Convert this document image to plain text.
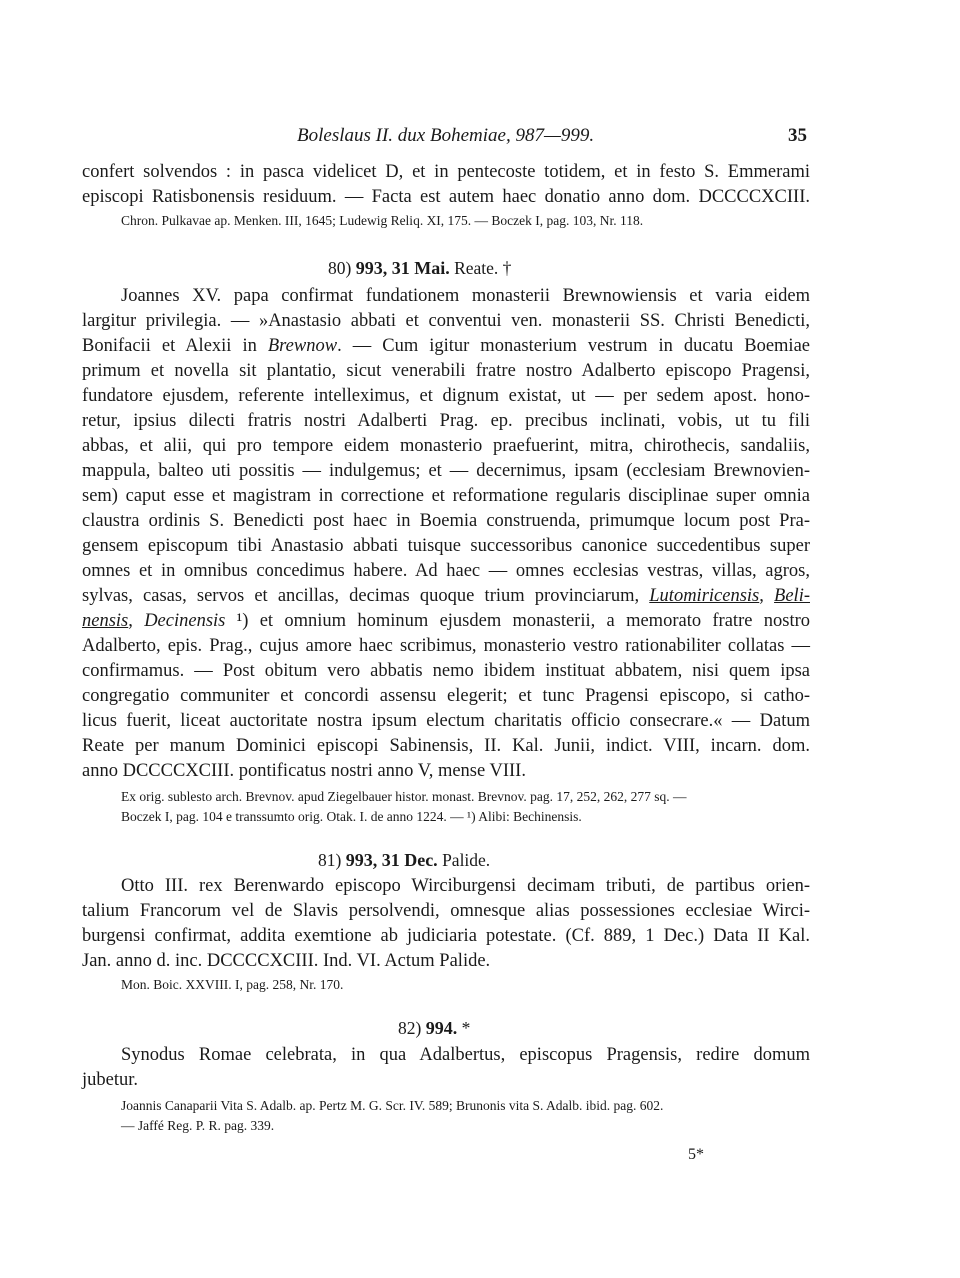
Boleslaus II. dux Bohemiae, 987—999.	35
confert solvendos : in pasca videlicet D, et in pentecoste totidem, et in festo S. Emmerami
episcopi Ratisbonensis residuum. — Facta est autem haec donatio anno dom. DCCCCXCIII.
Chron. Pulkavae ap. Menken. III, 1645; Ludewig Reliq. XI, 175. — Boczek I, pag. 103, Nr. 118.
80) 993, 31 Mai. Reate. †
Joannes XV. papa confirmat fundationem monasterii Brewnowiensis et varia eidem
largitur privilegia. — »Anastasio abbati et conventui ven. monasterii SS. Christi Benedicti,
Bonifacii et Alexii in Brewnow. — Cum igitur monasterium vestrum in ducatu Boemiae
primum et novella sit plantatio, sicut venerabili fratre nostro Adalberto episcopo Pragensi,
fundatore ejusdem, referente intelleximus, et dignum existat, ut — per sedem apost. hono-
retur, ipsius dilecti fratris nostri Adalberti Prag. ep. precibus inclinati, vobis, ut tu fili
abbas, et alii, qui pro tempore eidem monasterio praefuerint, mitra, chirothecis, sandaliis,
mappula, balteo uti possitis — indulgemus; et — decernimus, ipsam (ecclesiam Brewnovien-
sem) caput esse et magistram in correctione et reformatione regularis disciplinae super omnia
claustra ordinis S. Benedicti post haec in Boemia construenda, primumque locum post Pra-
gensem episcopum tibi Anastasio abbati tuisque successoribus canonice succedentibus super
omnes et in omnibus concedimus habere. Ad haec — omnes ecclesias vestras, villas, agros,
sylvas, casas, servos et ancillas, decimas quoque trium provinciarum, Lutomiricensis, Beli-
nensis, Decinensis ¹) et omnium hominum ejusdem monasterii, a memorato fratre nostro
Adalberto, epis. Prag., cujus amore haec scribimus, monasterio vestro rationabiliter collatas —
confirmamus. — Post obitum vero abbatis nemo ibidem instituat abbatem, nisi quem ipsa
congregatio communiter et concordi assensu elegerit; et tunc Pragensi episcopo, si catho-
licus fuerit, liceat auctoritate nostra ipsum electum charitatis officio consecrare.« — Datum
Reate per manum Dominici episcopi Sabinensis, II. Kal. Junii, indict. VIII, incarn. dom.
anno DCCCCXCIII. pontificatus nostri anno V, mense VIII.
Ex orig. sublesto arch. Brevnov. apud Ziegelbauer histor. monast. Brevnov. pag. 17, 252, 262, 277 sq. —
Boczek I, pag. 104 e transsumto orig. Otak. I. de anno 1224. — ¹) Alibi: Bechinensis.
81) 993, 31 Dec. Palide.
Otto III. rex Berenwardo episcopo Wirciburgensi decimam tributi, de partibus orien-
talium Francorum vel de Slavis persolvendi, omnesque alias possessiones ecclesiae Wirci-
burgensi confirmat, addita exemtione ab judiciaria potestate. (Cf. 889, 1 Dec.) Data II Kal.
Jan. anno d. inc. DCCCCXCIII. Ind. VI. Actum Palide.
Mon. Boic. XXVIII. I, pag. 258, Nr. 170.
82) 994. *
Synodus Romae celebrata, in qua Adalbertus, episcopus Pragensis, redire domum
jubetur.
Joannis Canaparii Vita S. Adalb. ap. Pertz M. G. Scr. IV. 589; Brunonis vita S. Adalb. ibid. pag. 602.
— Jaffé Reg. P. R. pag. 339.
5*
